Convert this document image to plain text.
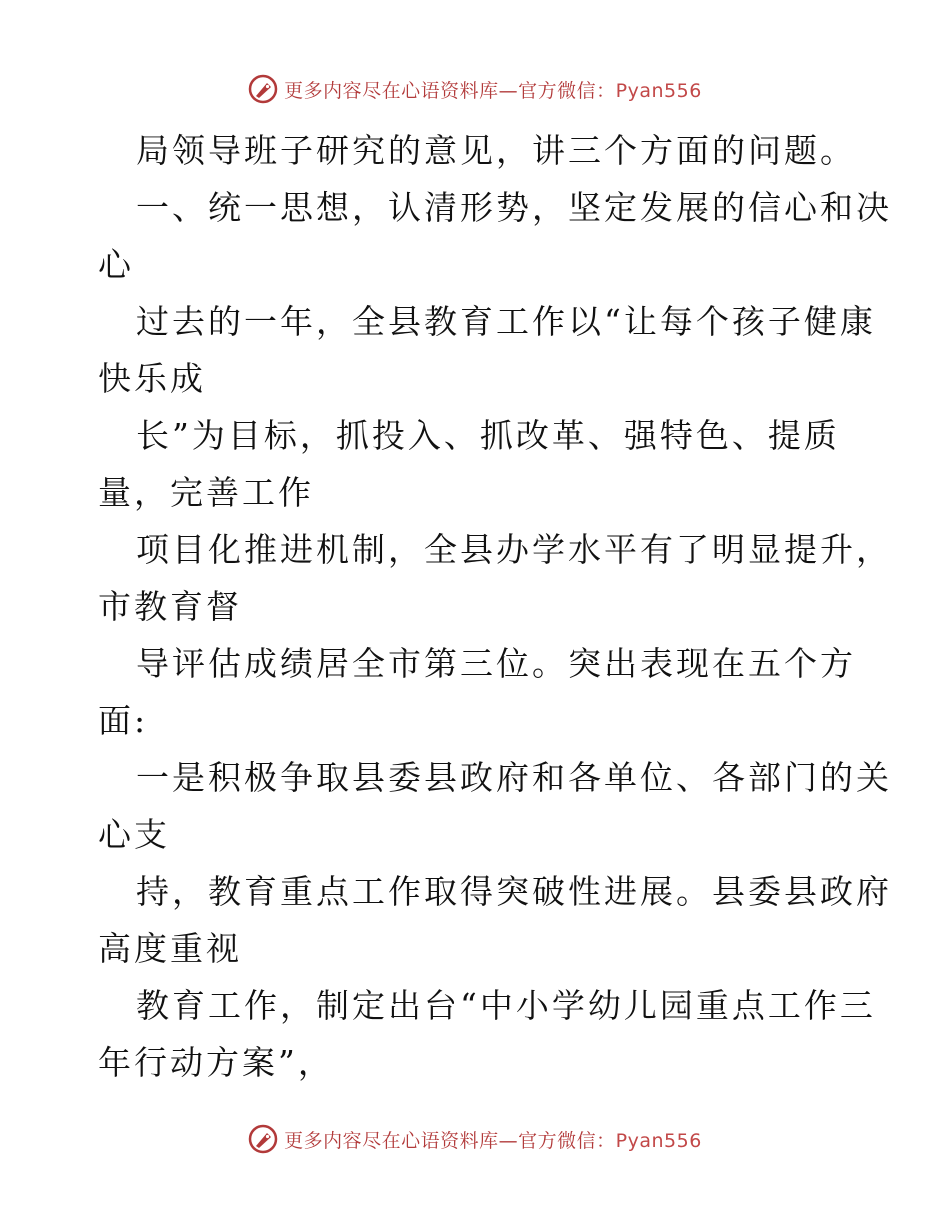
更多内容尽在心语资料库—官方微信：Pyan556
局领导班子研究的意见，讲三个方面的问题。
一、统一思想，认清形势，坚定发展的信心和决
心
过去的一年，全县教育工作以“让每个孩子健康
快乐成
长”为目标，抓投入、抓改革、强特色、提质
量，完善工作
项目化推进机制，全县办学水平有了明显提升，
市教育督
导评估成绩居全市第三位。突出表现在五个方
面:
一是积极争取县委县政府和各单位、各部门的关
心支
持，教育重点工作取得突破性进展。县委县政府
高度重视
教育工作，制定出台“中小学幼儿园重点工作三
年行动方案”，
更多内容尽在心语资料库—官方微信：Pyan556
